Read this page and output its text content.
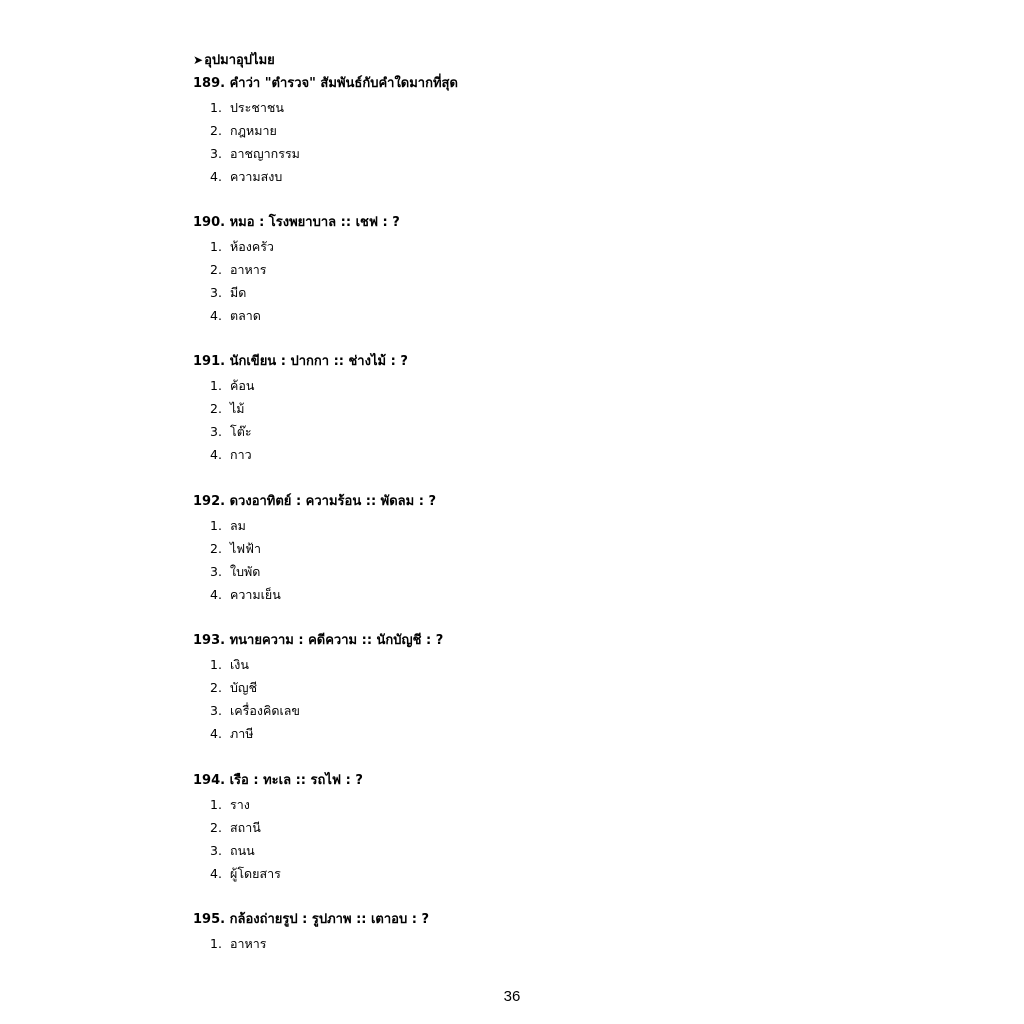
➤อุปมาอุปไมย
189. คำว่า "ตำรวจ" สัมพันธ์กับคำใดมากที่สุด
1 . ประชาชน
2 . กฎหมาย
3 . อาชญากรรม
4 . ความสงบ
190. หมอ : โรงพยาบาล :: เชฟ : ?
1 . ห้องครัว
2 . อาหาร
3 . มีด
4 . ตลาด
191. นักเขียน : ปากกา :: ช่างไม้ : ?
1 . ค้อน
2 . ไม้
3 . โต๊ะ
4 . กาว
192. ดวงอาทิตย์ : ความร้อน :: พัดลม : ?
1 . ลม
2 . ไฟฟ้า
3 . ใบพัด
4 . ความเย็น
193. ทนายความ : คดีความ :: นักบัญชี : ?
1 . เงิน
2 . บัญชี
3 . เครื่องคิดเลข
4 . ภาษี
194. เรือ : ทะเล :: รถไฟ : ?
1 . ราง
2 . สถานี
3 . ถนน
4 . ผู้โดยสาร
195. กล้องถ่ายรูป : รูปภาพ :: เตาอบ : ?
1 . อาหาร
36
